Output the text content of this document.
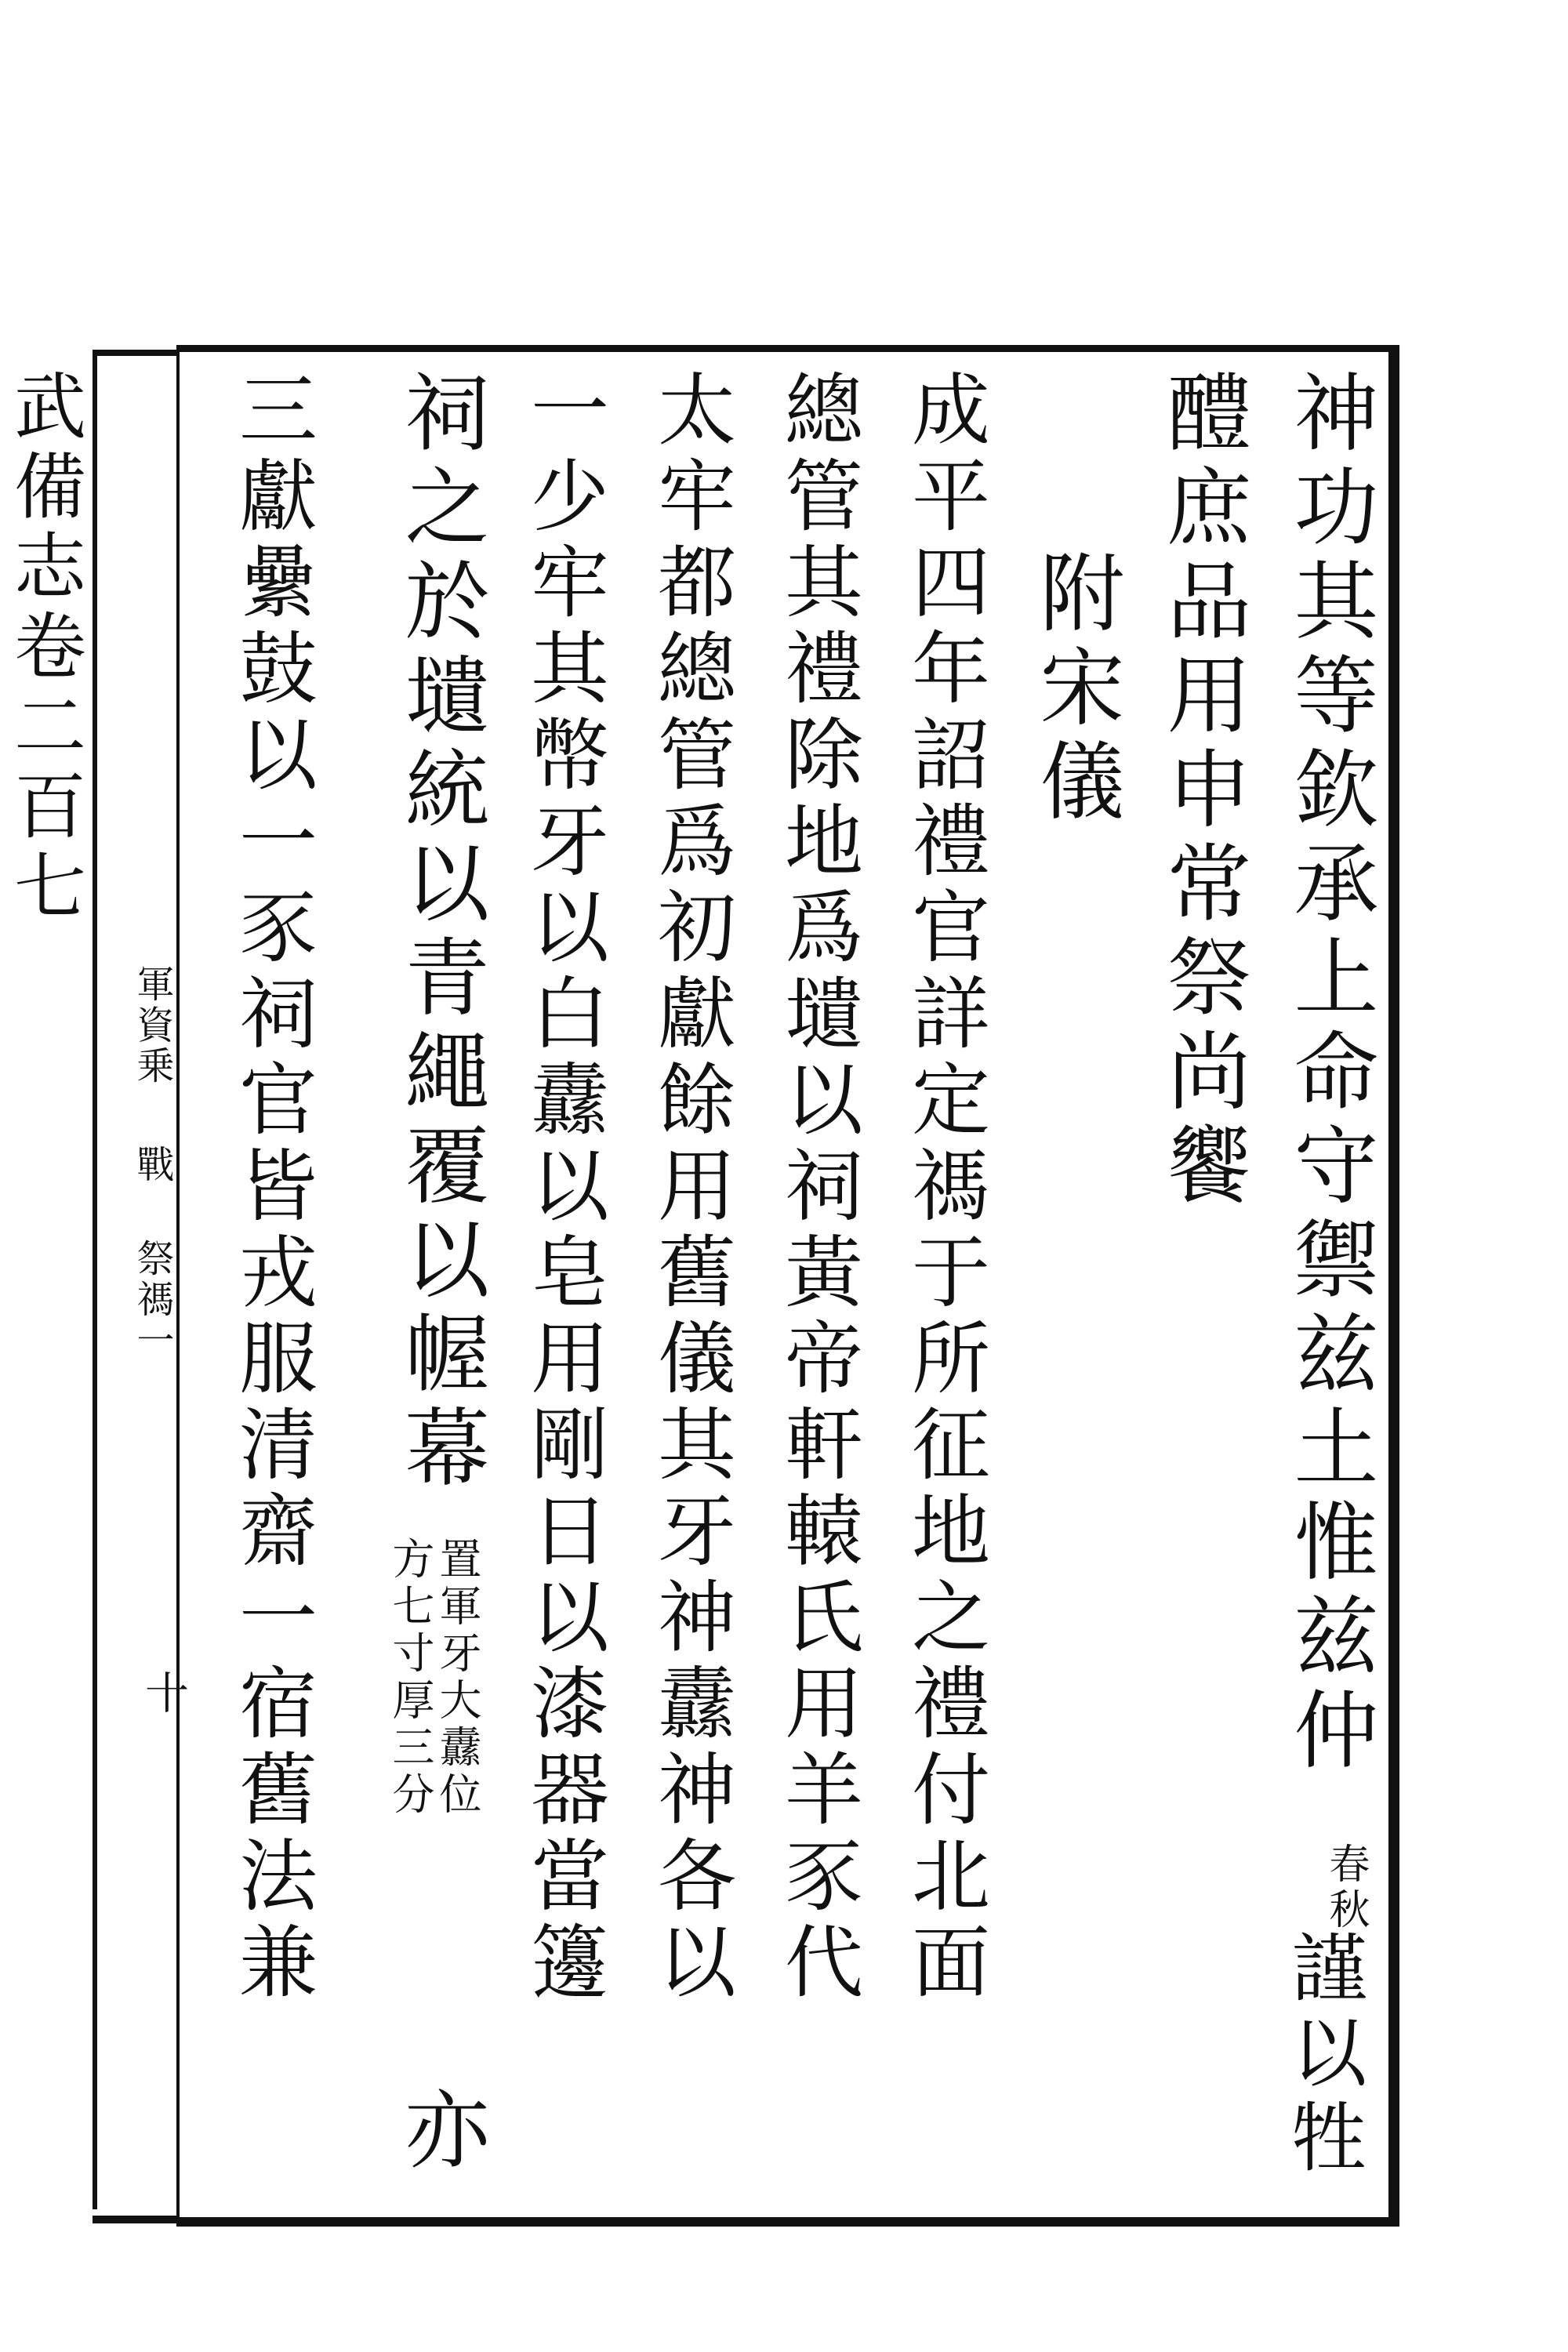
神功其等欽承上命守禦兹土惟兹仲
春秋
謹以牲
醴庶品用申常祭尚饗
附宋儀
成平四年詔禮官詳定禡于所征地之禮付北面
總管其禮除地爲壝以祠黃帝軒轅氏用羊豕代
太牢都總管爲初獻餘用舊儀其牙神纛神各以
一少牢其幣牙以白纛以皂用剛日以漆器當籩
祠之於壝統以青繩覆以幄幕
置軍牙大纛位
方七寸厚三分
亦
三獻纍鼓以一豕祠官皆戎服清齋一宿舊法兼
武備志卷二百七
軍資乗
戰
祭禡一
十
